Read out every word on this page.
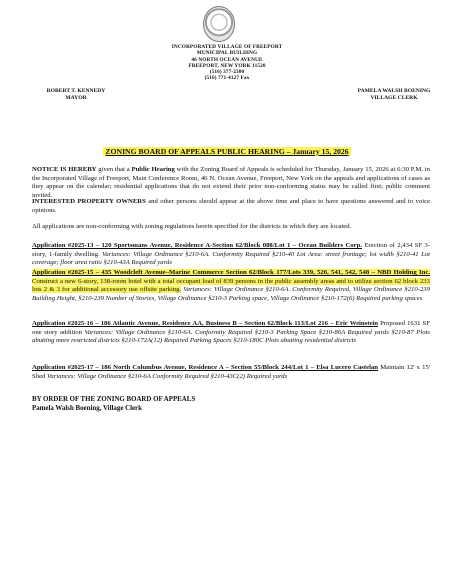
INCORPORATED VILLAGE OF FREEPORT
MUNICIPAL BUILDING
46 NORTH OCEAN AVENUE
FREEPORT, NEW YORK 11520
(516) 377-2300
(516) 771-4127 Fax
ROBERT T. KENNEDY
MAYOR
PAMELA WALSH BOENING
VILLAGE CLERK
ZONING BOARD OF APPEALS PUBLIC HEARING – January 15, 2026
NOTICE IS HEREBY given that a Public Hearing with the Zoning Board of Appeals is scheduled for Thursday, January 15, 2026 at 6:30 P.M. in the Incorporated Village of Freeport, Main Conference Room, 46 N. Ocean Avenue, Freeport, New York on the appeals and applications of cases as they appear on the calendar; residential applications that do not extend their prior non-conforming status may be called first; public comment invited.
INTERESTED PROPERTY OWNERS and other persons should appear at the above time and place to have questions answered and to voice opinions.
All applications are non-conforming with zoning regulations herein specified for the districts in which they are located.
Application #2025-13 – 120 Sportsmans Avenue, Residence A-Section 62/Block 088/Lot 1 – Ocean Builders Corp. Erection of 2,434 SF 3-story, 1-family dwelling. Variances: Village Ordinance §210-6A. Conformity Required §210-40 Lot Area: street frontage; lot width §210-41 Lot coverage; floor area ratio §210-43A Required yards
Application #2025-15 – 435 Woodcleft Avenue–Marine Commerce Section 62/Block 177/Lots 339, 526, 541, 542, 548 – NBD Holding Inc. Construct a new 6-story, 138-room hotel with a total occupant load of 839 persons in the public assembly areas and to utilize section 62 block 233 lots 2 & 3 for additional accessory use offsite parking. Variances: Village Ordinance §210-6A. Conformity Required, Village Ordinance §210-239 Building Height, §210-239 Number of Stories, Village Ordinance §210-3 Parking space, Village Ordinance §210-172(6) Required parking spaces
Application #2025-16 – 186 Atlantic Avenue, Residence AA, Business B – Section 62/Block 113/Lot 216 – Eric Weinstein Proposed 1631 SF one story addition Variances: Village Ordinance §210-6A. Conformity Required §210-3 Parking Space §210-86A Required yards §210-87 Plots abutting more restricted districts §210-172A(12) Required Parking Spaces §210-180C Plots abutting residential districts
Application #2025-17 – 186 North Columbus Avenue, Residence A – Section 55/Block 244/Lot 1 – Elsa Lucero Castelan Maintain 12' x 15' Shed Variances: Village Ordinance §210-6A Conformity Required §210-43C(2) Required yards
BY ORDER OF THE ZONING BOARD OF APPEALS
Pamela Walsh Boening, Village Clerk
